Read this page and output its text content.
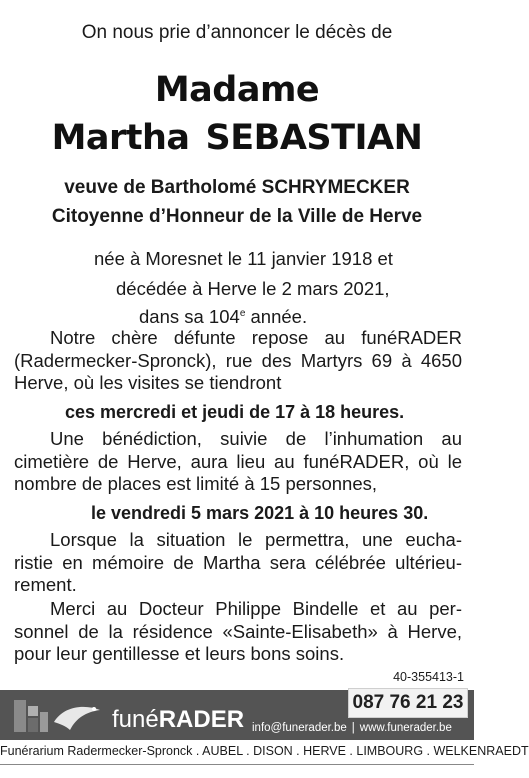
On nous prie d’annoncer le décès de
Madame
Martha SEBASTIAN
veuve de Bartholomé SCHRYMECKER
Citoyenne d’Honneur de la Ville de Herve
née à Moresnet le 11 janvier 1918 et
décédée à Herve le 2 mars 2021,
dans sa 104e année.
Notre chère défunte repose au funéRADER
(Radermecker-Spronck), rue des Martyrs 69 à 4650
Herve, où les visites se tiendront
ces mercredi et jeudi de 17 à 18 heures.
Une bénédiction, suivie de l’inhumation au
cimetière de Herve, aura lieu au funéRADER, où le
nombre de places est limité à 15 personnes,
le vendredi 5 mars 2021 à 10 heures 30.
Lorsque la situation le permettra, une eucha-
ristie en mémoire de Martha sera célébrée ultérieu-
rement.
Merci au Docteur Philippe Bindelle et au per-
sonnel de la résidence «Sainte-Elisabeth» à Herve,
pour leur gentillesse et leurs bons soins.
40-355413-1
funéRADER
087 76 21 23
info@funerader.be | www.funerader.be
Funérarium Radermecker-Spronck . AUBEL . DISON . HERVE . LIMBOURG . WELKENRAEDT
